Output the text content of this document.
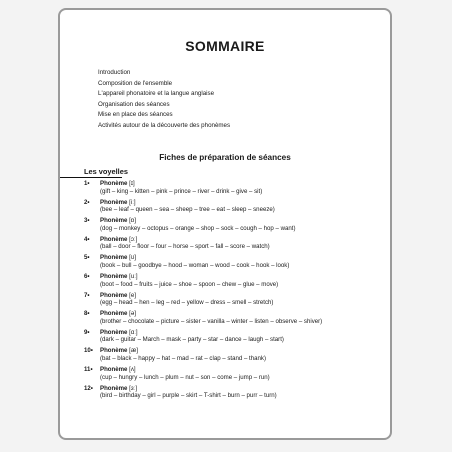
SOMMAIRE
Introduction
Composition de l'ensemble
L'appareil phonatoire et la langue anglaise
Organisation des séances
Mise en place des séances
Activités autour de la découverte des phonèmes
Fiches de préparation de séances
Les voyelles
1• Phonème [ɪ]
(gift – king – kitten – pink – prince – river – drink – give – sit)
2• Phonème [iː]
(bee – leaf – queen – sea – sheep – tree – eat – sleep – sneeze)
3• Phonème [ɒ]
(dog – monkey – octopus – orange – shop – sock – cough – hop – want)
4• Phonème [ɔː]
(ball – door – floor – four – horse – sport – fall – score – watch)
5• Phonème [ʊ]
(book – bull – goodbye – hood – woman – wood – cook – hook – look)
6• Phonème [uː]
(boot – food – fruits – juice – shoe – spoon – chew – glue – move)
7• Phonème [e]
(egg – head – hen – leg – red – yellow – dress – smell – stretch)
8• Phonème [ə]
(brother – chocolate – picture – sister – vanilla – winter – listen – observe – shiver)
9• Phonème [ɑː]
(dark – guitar – March – mask – party – star – dance – laugh – start)
10• Phonème [æ]
(bat – black – happy – hat – mad – rat – clap – stand – thank)
11• Phonème [ʌ]
(cup – hungry – lunch – plum – nut – son – come – jump – run)
12• Phonème [ɜː]
(bird – birthday – girl – purple – skirt – T-shirt – burn – purr – turn)
